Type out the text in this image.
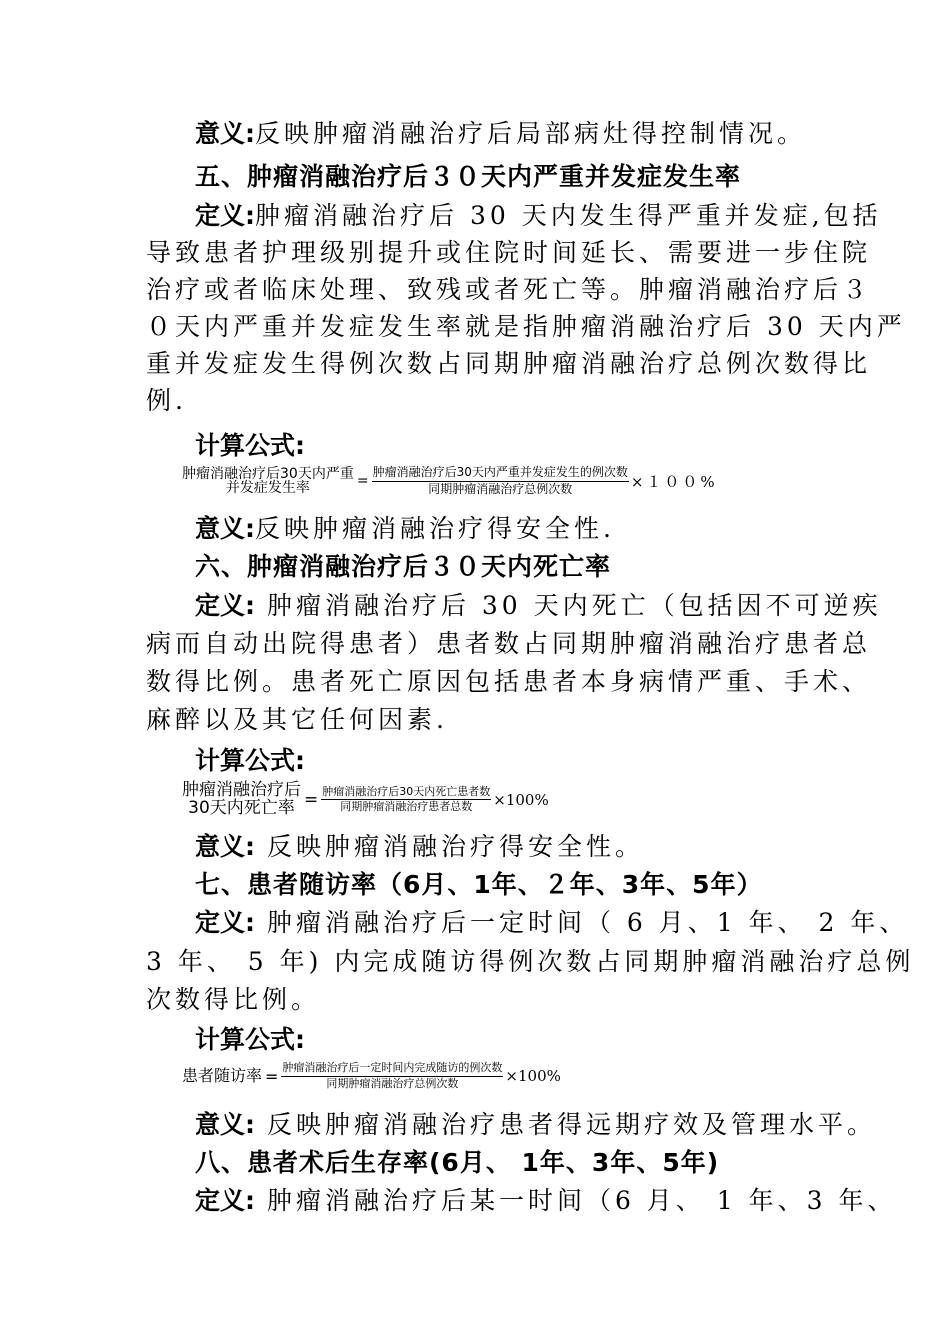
意义:反映肿瘤消融治疗后局部病灶得控制情况。
五、肿瘤消融治疗后３０天内严重并发症发生率
定义:肿瘤消融治疗后 30 天内发生得严重并发症,包括
导致患者护理级别提升或住院时间延长、需要进一步住院
治疗或者临床处理、致残或者死亡等。肿瘤消融治疗后３
０天内严重并发症发生率就是指肿瘤消融治疗后 30 天内严
重并发症发生得例次数占同期肿瘤消融治疗总例次数得比
例.
计算公式:
肿瘤消融治疗后30天内严重
并发症发生率	= $\frac{\text{肿瘤消融治疗后30天内严重并发症发生的例次数}}{\text{同期肿瘤消融治疗总例次数}} \times 100\%$
意义:反映肿瘤消融治疗得安全性.
六、肿瘤消融治疗后３０天内死亡率
定义: 肿瘤消融治疗后 30 天内死亡（包括因不可逆疾
病而自动出院得患者）患者数占同期肿瘤消融治疗患者总
数得比例。患者死亡原因包括患者本身病情严重、手术、
麻醉以及其它任何因素.
计算公式:
肿瘤消融治疗后
30天内死亡率 = $\frac{\text{肿瘤消融治疗后30天内死亡患者数}}{\text{同期肿瘤消融治疗患者总数}} \times 100\%$
意义: 反映肿瘤消融治疗得安全性。
七、患者随访率（6月、1年、２年、3年、5年）
定义: 肿瘤消融治疗后一定时间（ 6 月、1 年、 2 年、
3 年、 5 年) 内完成随访得例次数占同期肿瘤消融治疗总例
次数得比例。
计算公式:
患者随访率 = $\frac{\text{肿瘤消融治疗后一定时间内完成随访的例次数}}{\text{同期肿瘤消融治疗总例次数}} \times 100\%$
意义: 反映肿瘤消融治疗患者得远期疗效及管理水平。
八、患者术后生存率(6月、 1年、3年、5年)
定义: 肿瘤消融治疗后某一时间（6 月、 1 年、3 年、
